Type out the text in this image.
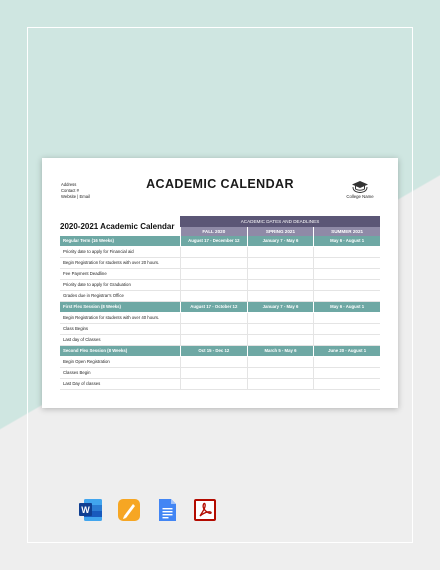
Address
Contact #
Website | Email
ACADEMIC CALENDAR
College Name
2020-2021 Academic Calendar
ACADEMIC DATES AND DEADLINES
FALL 2020	SPRING 2021	SUMMER 2021
Regular Term (16 Weeks)	August 17 - December 12	January 7 - May 6	May 6 - August 1
Priority date to apply for Financial aid
Begin Registration for students with over 20 hours.
Fee Payment Deadline
Priority date to apply for Graduation
Grades due in Registrar's Office
First Flex Session (8 Weeks)	August 17 - October 12	January 7 - May 6	May 6 - August 1
Begin Registration for students with over 40 hours.
Class Begins
Last day of Classes
Second Flex Session (8 Weeks)	Oct 15 - Dec 12	March 5 - May 6	June 20 - August 1
Begin Open Registration
Classes Begin
Last Day of classes
W
